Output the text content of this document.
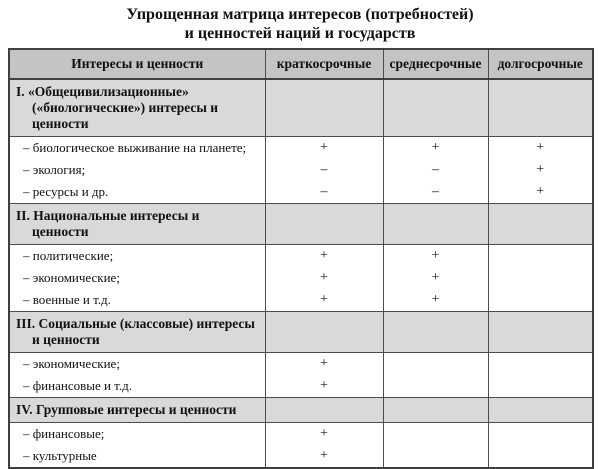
Упрощенная матрица интересов (потребностей)
и ценностей наций и государств
Интересы и ценности	краткосрочные	среднесрочные	долгосрочные
I. «Общецивилизационные» («биологические») интересы и ценности			
– биологическое выживание на планете;	+	+	+
– экология;	–	–	+
– ресурсы и др.	–	–	+
II. Национальные интересы и ценности			
– политические;	+	+	
– экономические;	+	+	
– военные и т.д.	+	+	
III. Социальные (классовые) интересы и ценности			
– экономические;	+		
– финансовые и т.д.	+		
IV. Групповые интересы и ценности			
– финансовые;	+		
– культурные	+		
